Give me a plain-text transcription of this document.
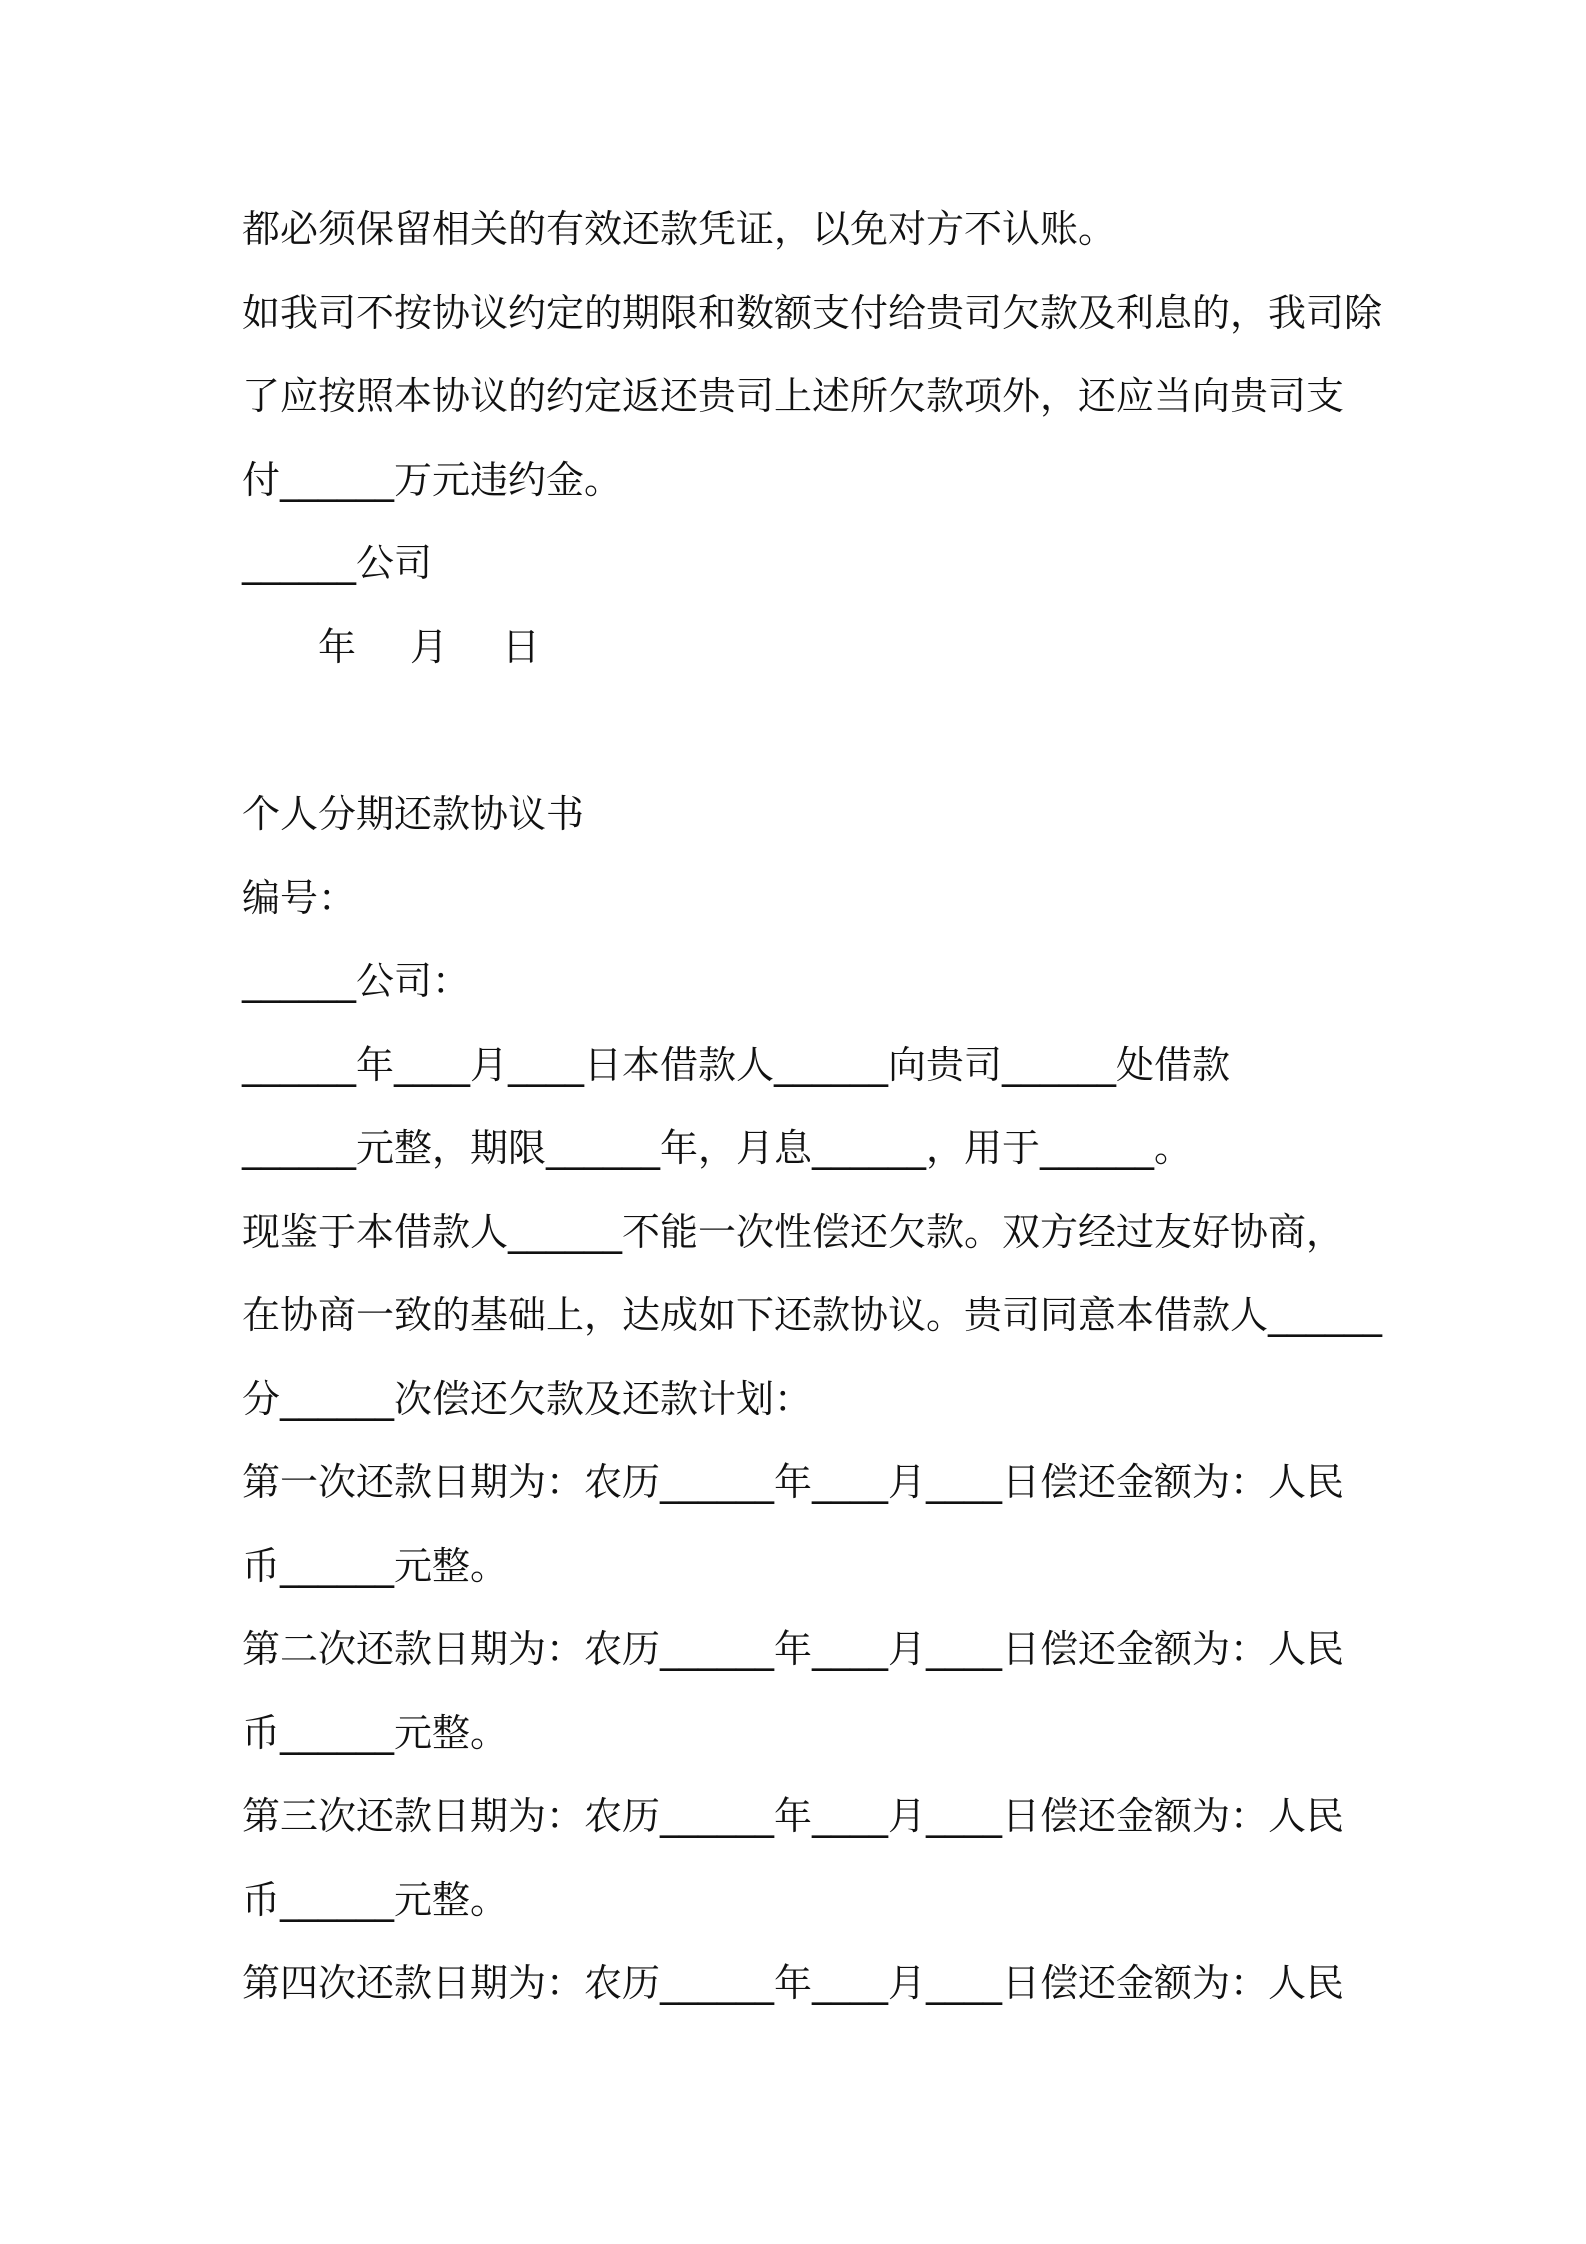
都必须保留相关的有效还款凭证，以免对方不认账。
如我司不按协议约定的期限和数额支付给贵司欠款及利息的，我司除
了应按照本协议的约定返还贵司上述所欠款项外，还应当向贵司支
付______万元违约金。
______公司
年　月　日
个人分期还款协议书
编号：
______公司：
______年____月____日本借款人______向贵司______处借款
______元整，期限______年，月息______，用于______。
现鉴于本借款人______不能一次性偿还欠款。双方经过友好协商，
在协商一致的基础上，达成如下还款协议。贵司同意本借款人______
分______次偿还欠款及还款计划：
第一次还款日期为：农历______年____月____日偿还金额为：人民
币______元整。
第二次还款日期为：农历______年____月____日偿还金额为：人民
币______元整。
第三次还款日期为：农历______年____月____日偿还金额为：人民
币______元整。
第四次还款日期为：农历______年____月____日偿还金额为：人民
